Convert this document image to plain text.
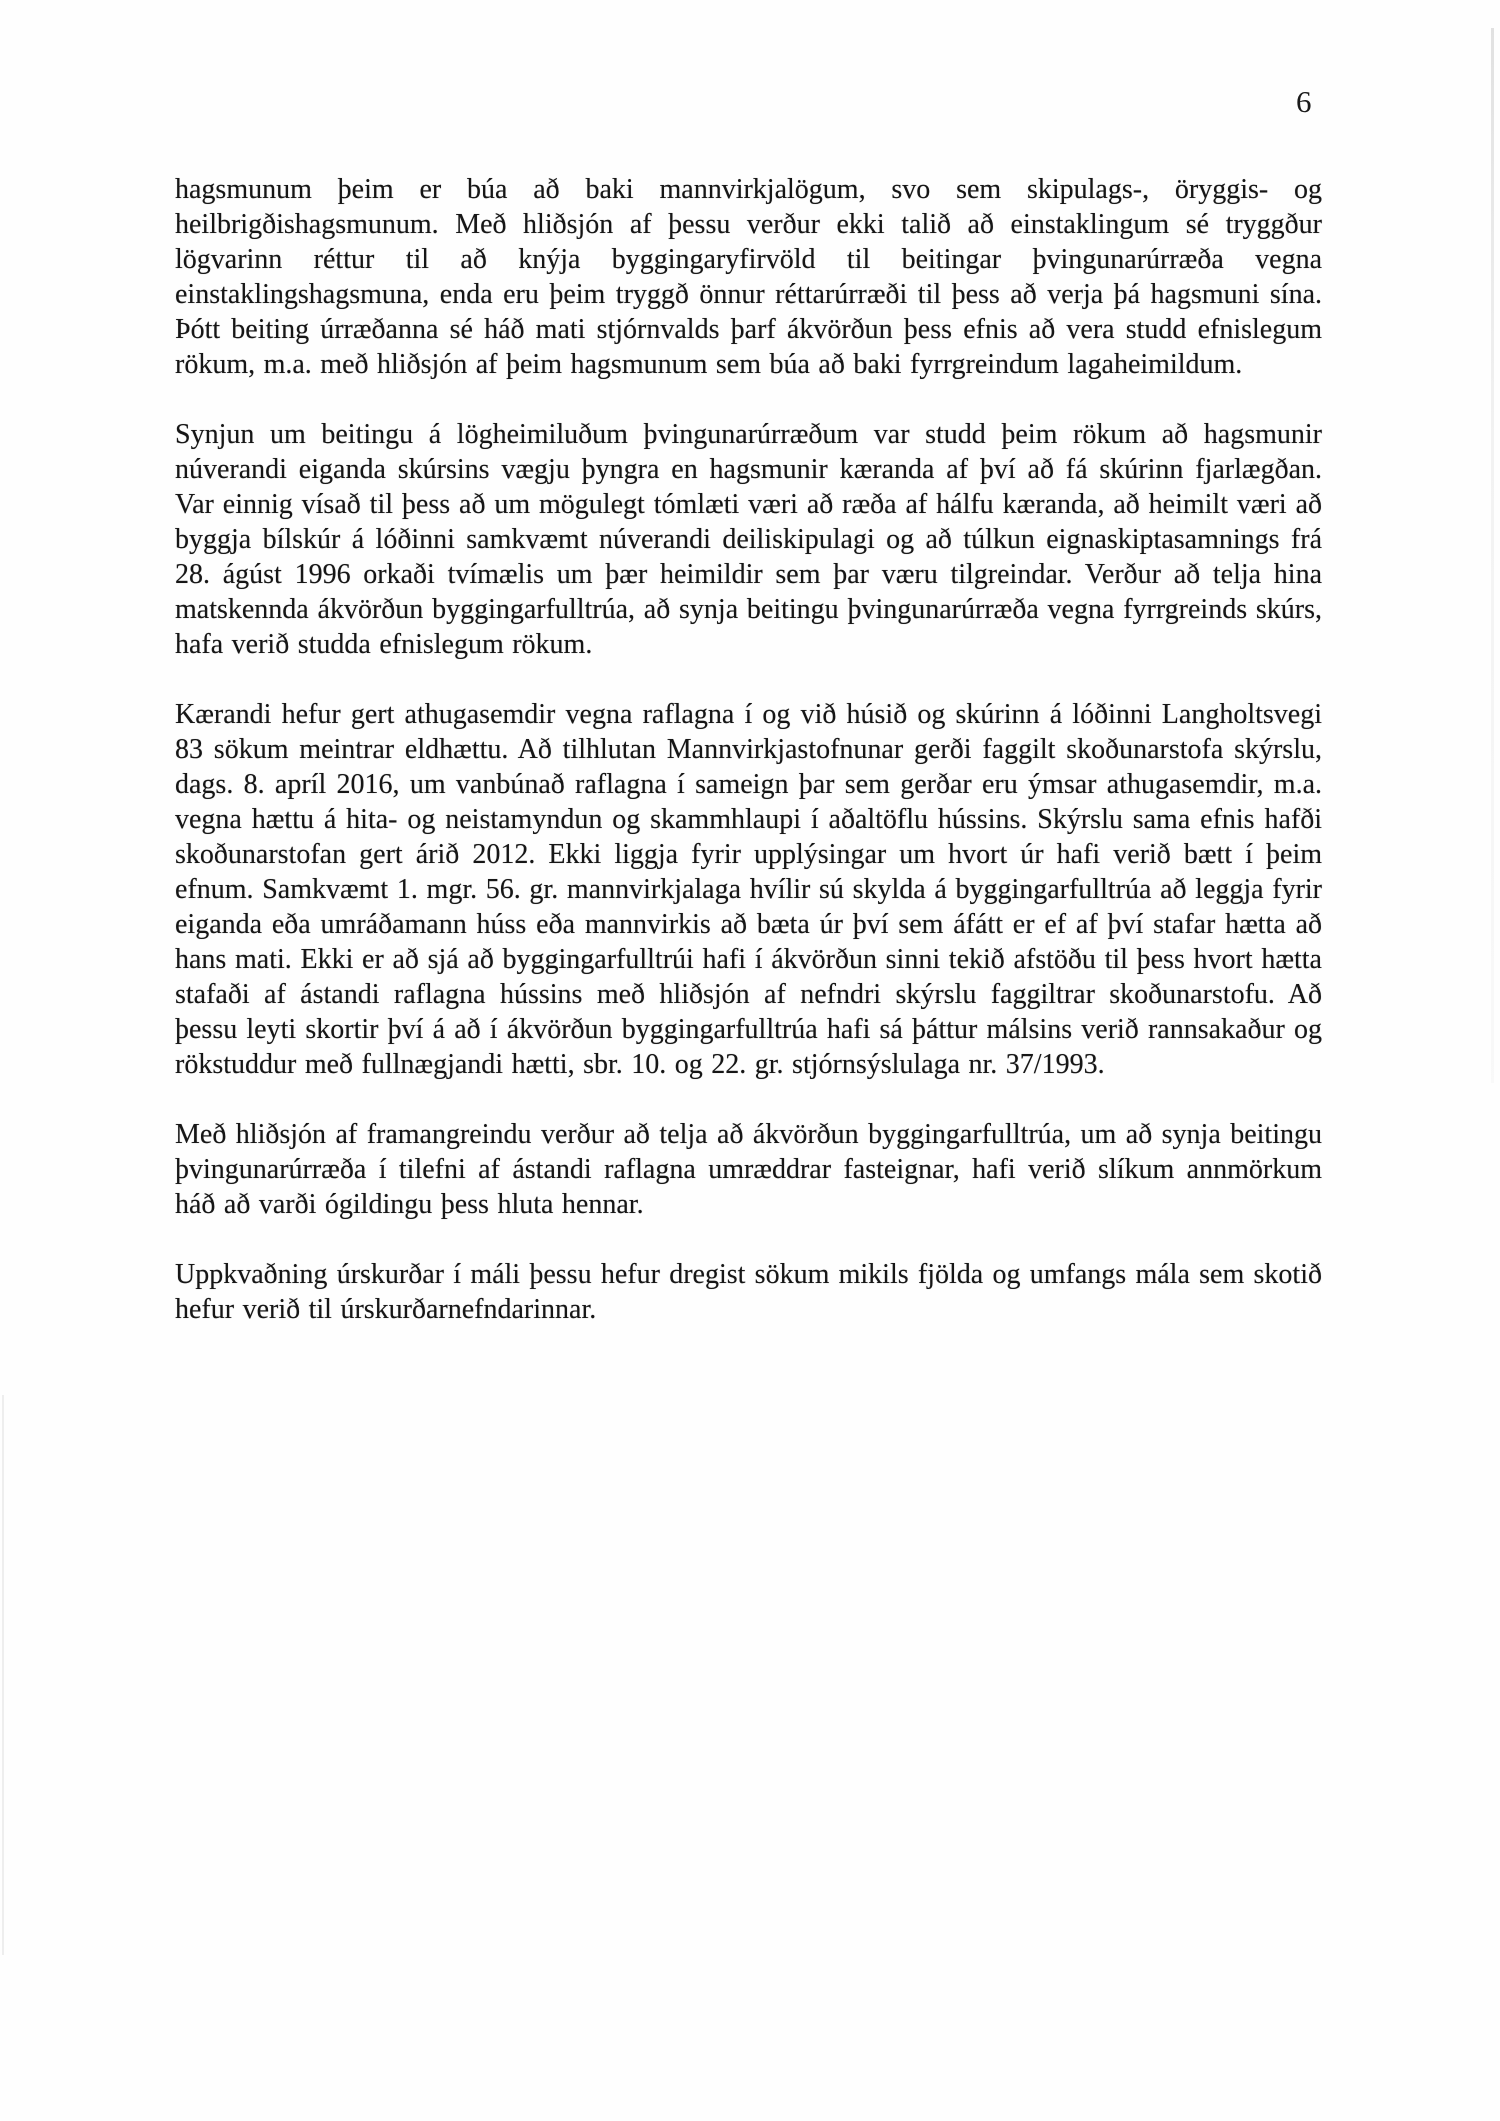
6

hagsmunum þeim er búa að baki mannvirkjalögum, svo sem skipulags-, öryggis- og heilbrigðishagsmunum. Með hliðsjón af þessu verður ekki talið að einstaklingum sé tryggður lögvarinn réttur til að knýja byggingaryfirvöld til beitingar þvingunarúrræða vegna einstaklingshagsmuna, enda eru þeim tryggð önnur réttarúrræði til þess að verja þá hagsmuni sína. Þótt beiting úrræðanna sé háð mati stjórnvalds þarf ákvörðun þess efnis að vera studd efnislegum rökum, m.a. með hliðsjón af þeim hagsmunum sem búa að baki fyrrgreindum lagaheimildum.

Synjun um beitingu á lögheimiluðum þvingunarúrræðum var studd þeim rökum að hagsmunir núverandi eiganda skúrsins vægju þyngra en hagsmunir kæranda af því að fá skúrinn fjarlægðan. Var einnig vísað til þess að um mögulegt tómlæti væri að ræða af hálfu kæranda, að heimilt væri að byggja bílskúr á lóðinni samkvæmt núverandi deiliskipulagi og að túlkun eignaskiptasamnings frá 28. ágúst 1996 orkaði tvímælis um þær heimildir sem þar væru tilgreindar. Verður að telja hina matskennda ákvörðun byggingarfulltrúa, að synja beitingu þvingunarúrræða vegna fyrrgreinds skúrs, hafa verið studda efnislegum rökum.

Kærandi hefur gert athugasemdir vegna raflagna í og við húsið og skúrinn á lóðinni Langholtsvegi 83 sökum meintrar eldhættu. Að tilhlutan Mannvirkjastofnunar gerði faggilt skoðunarstofa skýrslu, dags. 8. apríl 2016, um vanbúnað raflagna í sameign þar sem gerðar eru ýmsar athugasemdir, m.a. vegna hættu á hita- og neistamyndun og skammhlaupi í aðaltöflu hússins. Skýrslu sama efnis hafði skoðunarstofan gert árið 2012. Ekki liggja fyrir upplýsingar um hvort úr hafi verið bætt í þeim efnum. Samkvæmt 1. mgr. 56. gr. mannvirkjalaga hvílir sú skylda á byggingarfulltrúa að leggja fyrir eiganda eða umráðamann húss eða mannvirkis að bæta úr því sem áfátt er ef af því stafar hætta að hans mati. Ekki er að sjá að byggingarfulltrúi hafi í ákvörðun sinni tekið afstöðu til þess hvort hætta stafaði af ástandi raflagna hússins með hliðsjón af nefndri skýrslu faggiltrar skoðunarstofu. Að þessu leyti skortir því á að í ákvörðun byggingarfulltrúa hafi sá þáttur málsins verið rannsakaður og rökstuddur með fullnægjandi hætti, sbr. 10. og 22. gr. stjórnsýslulaga nr. 37/1993.

Með hliðsjón af framangreindu verður að telja að ákvörðun byggingarfulltrúa, um að synja beitingu þvingunarúrræða í tilefni af ástandi raflagna umræddrar fasteignar, hafi verið slíkum annmörkum háð að varði ógildingu þess hluta hennar.

Uppkvaðning úrskurðar í máli þessu hefur dregist sökum mikils fjölda og umfangs mála sem skotið hefur verið til úrskurðarnefndarinnar.
